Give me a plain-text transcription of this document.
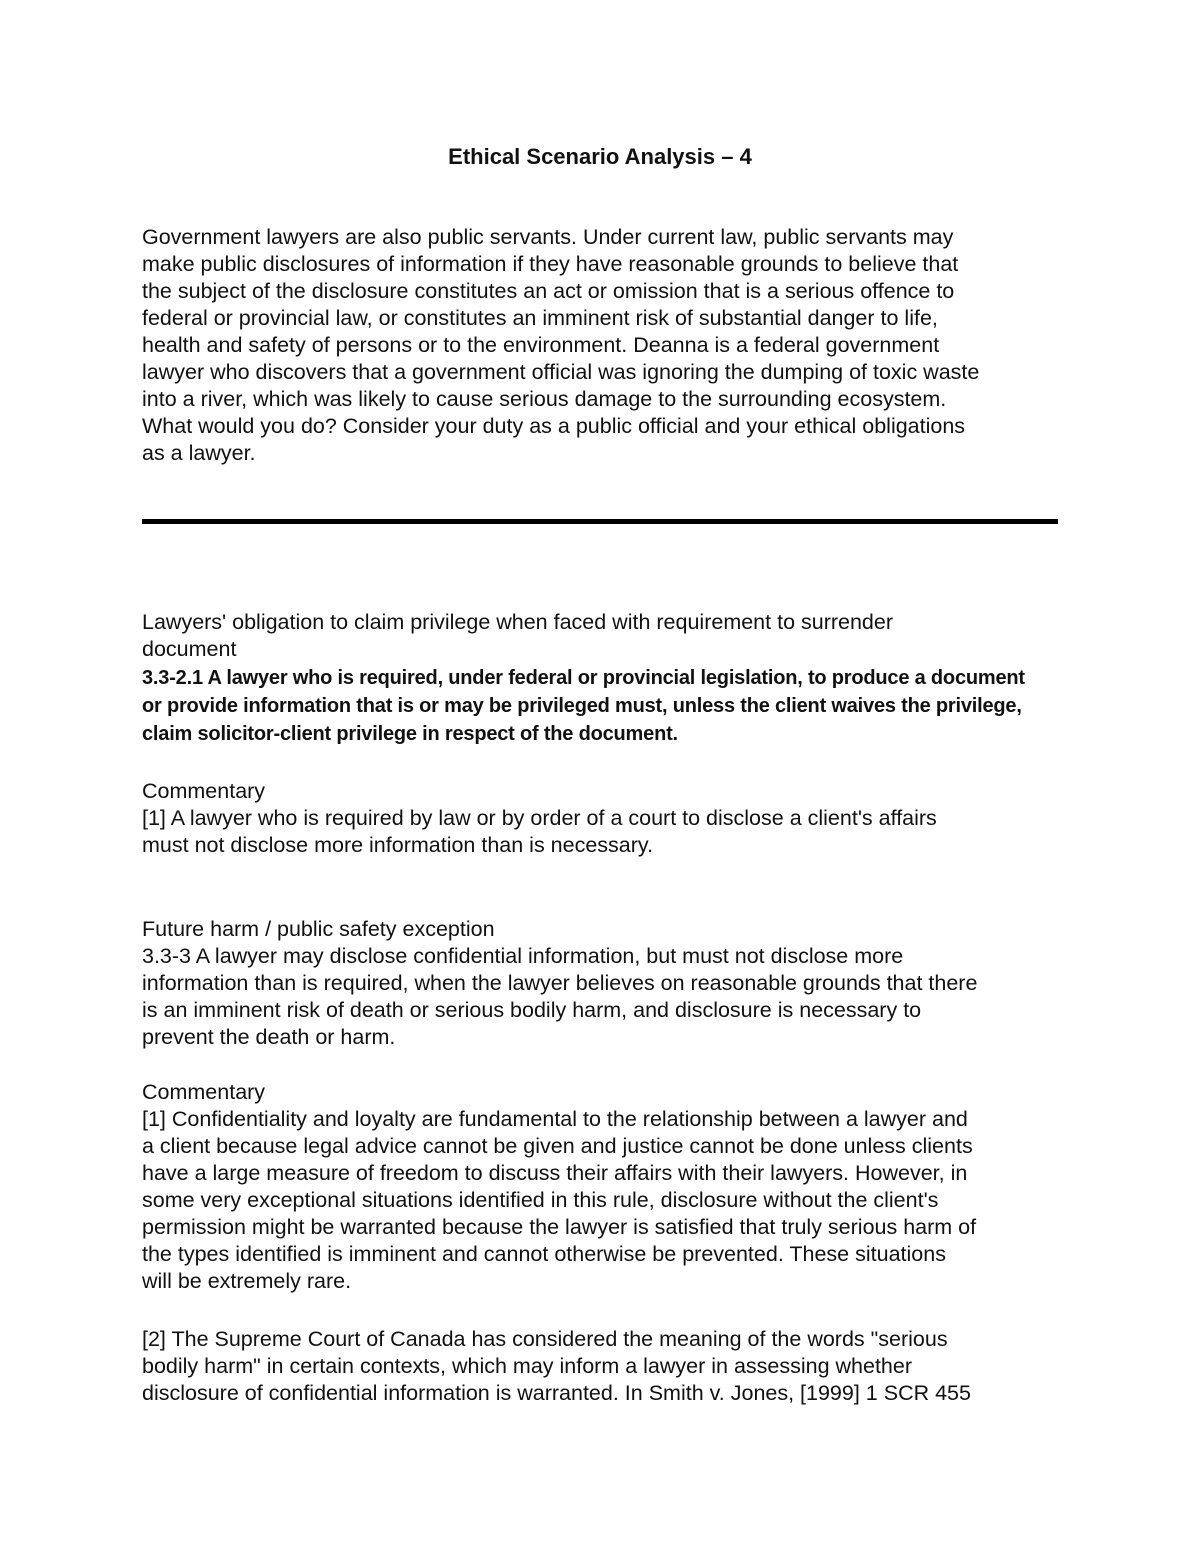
Ethical Scenario Analysis – 4
Government lawyers are also public servants. Under current law, public servants may
make public disclosures of information if they have reasonable grounds to believe that
the subject of the disclosure constitutes an act or omission that is a serious offence to
federal or provincial law, or constitutes an imminent risk of substantial danger to life,
health and safety of persons or to the environment. Deanna is a federal government
lawyer who discovers that a government official was ignoring the dumping of toxic waste
into a river, which was likely to cause serious damage to the surrounding ecosystem.
What would you do? Consider your duty as a public official and your ethical obligations
as a lawyer.
Lawyers' obligation to claim privilege when faced with requirement to surrender
document
3.3-2.1 A lawyer who is required, under federal or provincial legislation, to produce a document
or provide information that is or may be privileged must, unless the client waives the privilege,
claim solicitor-client privilege in respect of the document.
Commentary
[1] A lawyer who is required by law or by order of a court to disclose a client's affairs
must not disclose more information than is necessary.
Future harm / public safety exception
3.3-3 A lawyer may disclose confidential information, but must not disclose more
information than is required, when the lawyer believes on reasonable grounds that there
is an imminent risk of death or serious bodily harm, and disclosure is necessary to
prevent the death or harm.
Commentary
[1] Confidentiality and loyalty are fundamental to the relationship between a lawyer and
a client because legal advice cannot be given and justice cannot be done unless clients
have a large measure of freedom to discuss their affairs with their lawyers. However, in
some very exceptional situations identified in this rule, disclosure without the client's
permission might be warranted because the lawyer is satisfied that truly serious harm of
the types identified is imminent and cannot otherwise be prevented. These situations
will be extremely rare.
[2] The Supreme Court of Canada has considered the meaning of the words "serious
bodily harm" in certain contexts, which may inform a lawyer in assessing whether
disclosure of confidential information is warranted. In Smith v. Jones, [1999] 1 SCR 455
